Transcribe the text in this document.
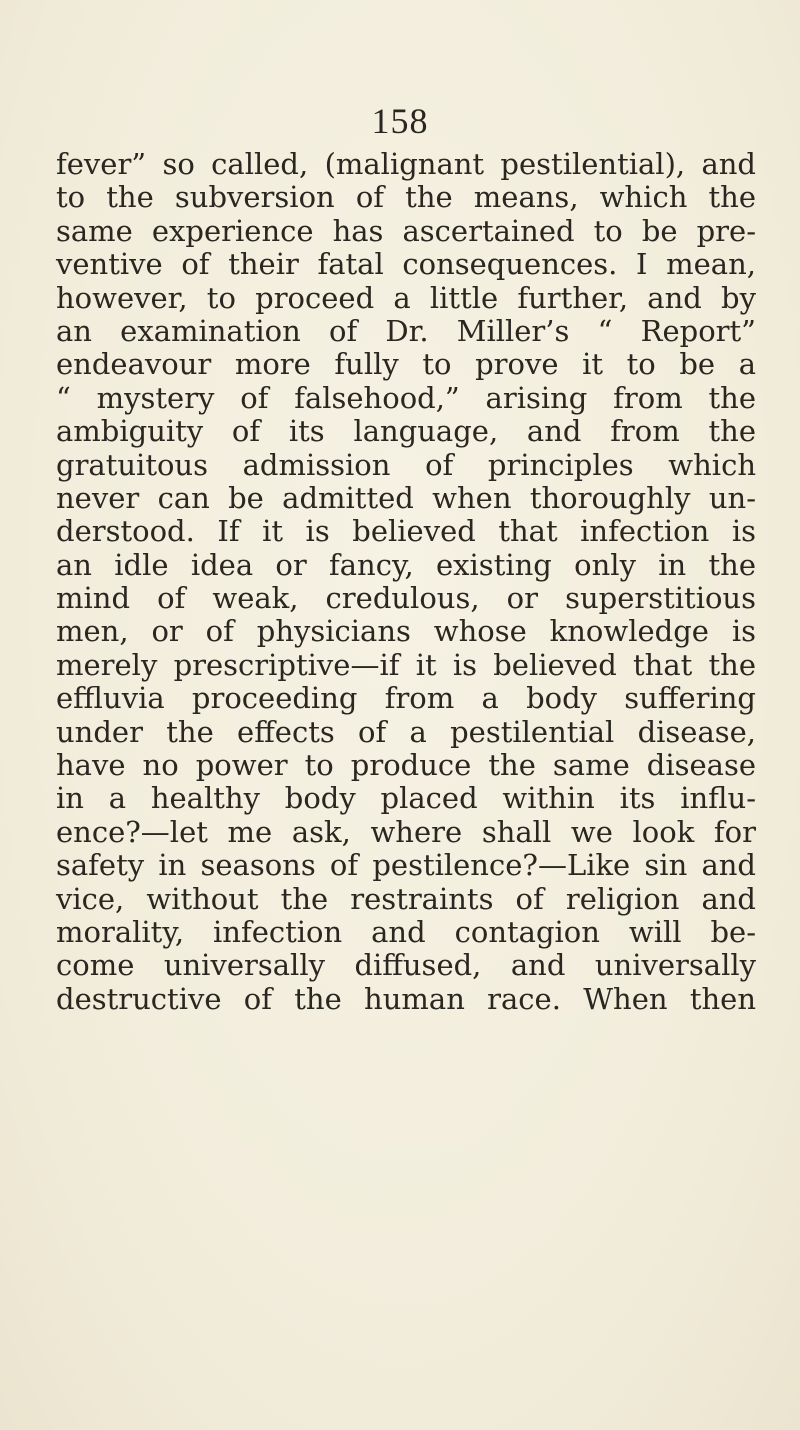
158
fever” so called, (malignant pestilential), and
to the subversion of the means, which the
same experience has ascertained to be pre-
ventive of their fatal consequences. I mean,
however, to proceed a little further, and by
an examination of Dr. Miller’s “ Report”
endeavour more fully to prove it to be a
“ mystery of falsehood,” arising from the
ambiguity of its language, and from the
gratuitous admission of principles which
never can be admitted when thoroughly un-
derstood. If it is believed that infection is
an idle idea or fancy, existing only in the
mind of weak, credulous, or superstitious
men, or of physicians whose knowledge is
merely prescriptive—if it is believed that the
effluvia proceeding from a body suffering
under the effects of a pestilential disease,
have no power to produce the same disease
in a healthy body placed within its influ-
ence?—let me ask, where shall we look for
safety in seasons of pestilence?—Like sin and
vice, without the restraints of religion and
morality, infection and contagion will be-
come universally diffused, and universally
destructive of the human race. When then
